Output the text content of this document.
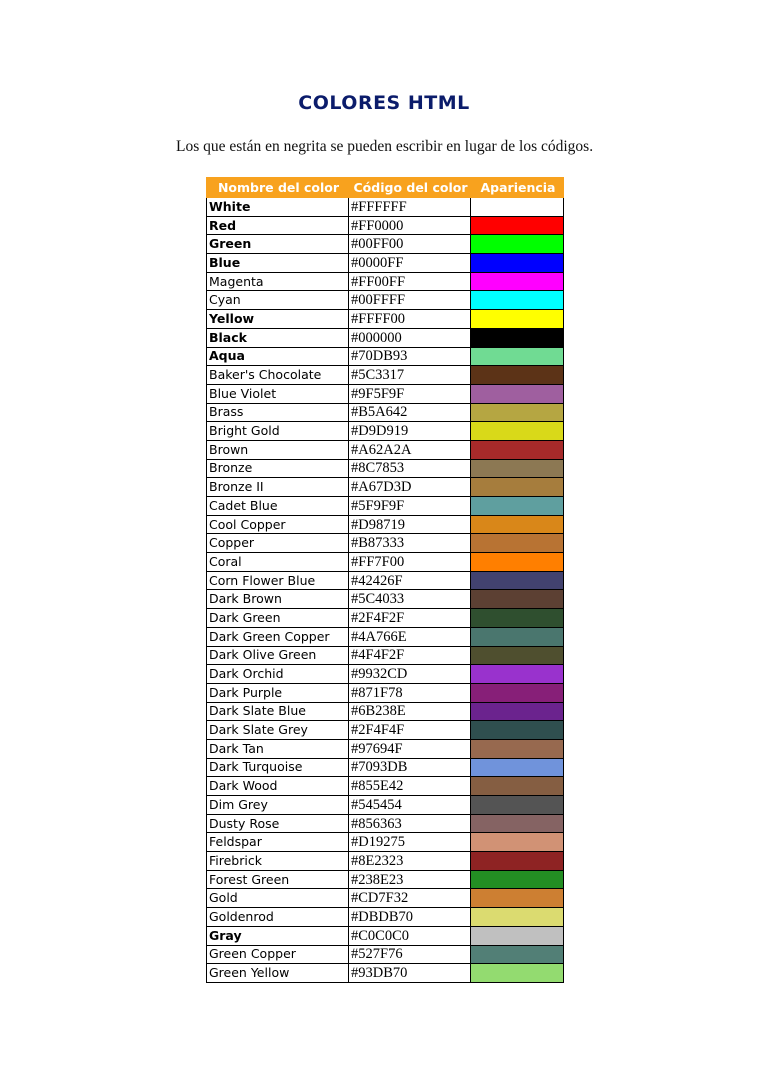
COLORES HTML
Los que están en negrita se pueden escribir en lugar de los códigos.
Nombre del color	Código del color	Apariencia
White	#FFFFFF	
Red	#FF0000	
Green	#00FF00	
Blue	#0000FF	
Magenta	#FF00FF	
Cyan	#00FFFF	
Yellow	#FFFF00	
Black	#000000	
Aqua	#70DB93	
Baker's Chocolate	#5C3317	
Blue Violet	#9F5F9F	
Brass	#B5A642	
Bright Gold	#D9D919	
Brown	#A62A2A	
Bronze	#8C7853	
Bronze II	#A67D3D	
Cadet Blue	#5F9F9F	
Cool Copper	#D98719	
Copper	#B87333	
Coral	#FF7F00	
Corn Flower Blue	#42426F	
Dark Brown	#5C4033	
Dark Green	#2F4F2F	
Dark Green Copper	#4A766E	
Dark Olive Green	#4F4F2F	
Dark Orchid	#9932CD	
Dark Purple	#871F78	
Dark Slate Blue	#6B238E	
Dark Slate Grey	#2F4F4F	
Dark Tan	#97694F	
Dark Turquoise	#7093DB	
Dark Wood	#855E42	
Dim Grey	#545454	
Dusty Rose	#856363	
Feldspar	#D19275	
Firebrick	#8E2323	
Forest Green	#238E23	
Gold	#CD7F32	
Goldenrod	#DBDB70	
Gray	#C0C0C0	
Green Copper	#527F76	
Green Yellow	#93DB70	
